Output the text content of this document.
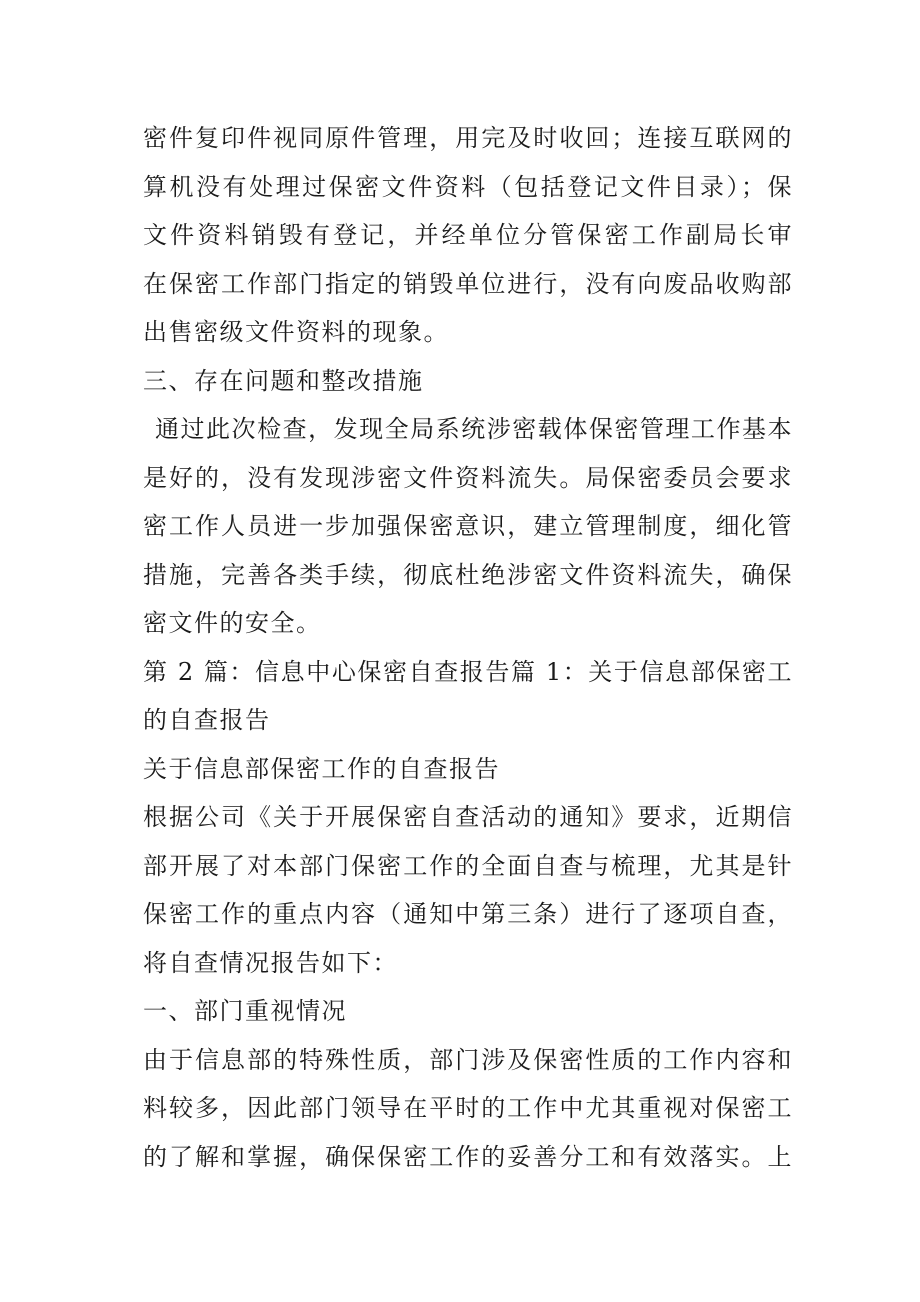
密件复印件视同原件管理，用完及时收回；连接互联网的
算机没有处理过保密文件资料（包括登记文件目录）；保
文件资料销毁有登记，并经单位分管保密工作副局长审
在保密工作部门指定的销毁单位进行，没有向废品收购部
出售密级文件资料的现象。
三、存在问题和整改措施
通过此次检查，发现全局系统涉密载体保密管理工作基本
是好的，没有发现涉密文件资料流失。局保密委员会要求
密工作人员进一步加强保密意识，建立管理制度，细化管
措施，完善各类手续，彻底杜绝涉密文件资料流失，确保
密文件的安全。
第 2 篇：信息中心保密自查报告篇 1：关于信息部保密工
的自查报告
关于信息部保密工作的自查报告
根据公司《关于开展保密自查活动的通知》要求，近期信
部开展了对本部门保密工作的全面自查与梳理，尤其是针
保密工作的重点内容（通知中第三条）进行了逐项自查，
将自查情况报告如下：
一、部门重视情况
由于信息部的特殊性质，部门涉及保密性质的工作内容和
料较多，因此部门领导在平时的工作中尤其重视对保密工
的了解和掌握，确保保密工作的妥善分工和有效落实。上
